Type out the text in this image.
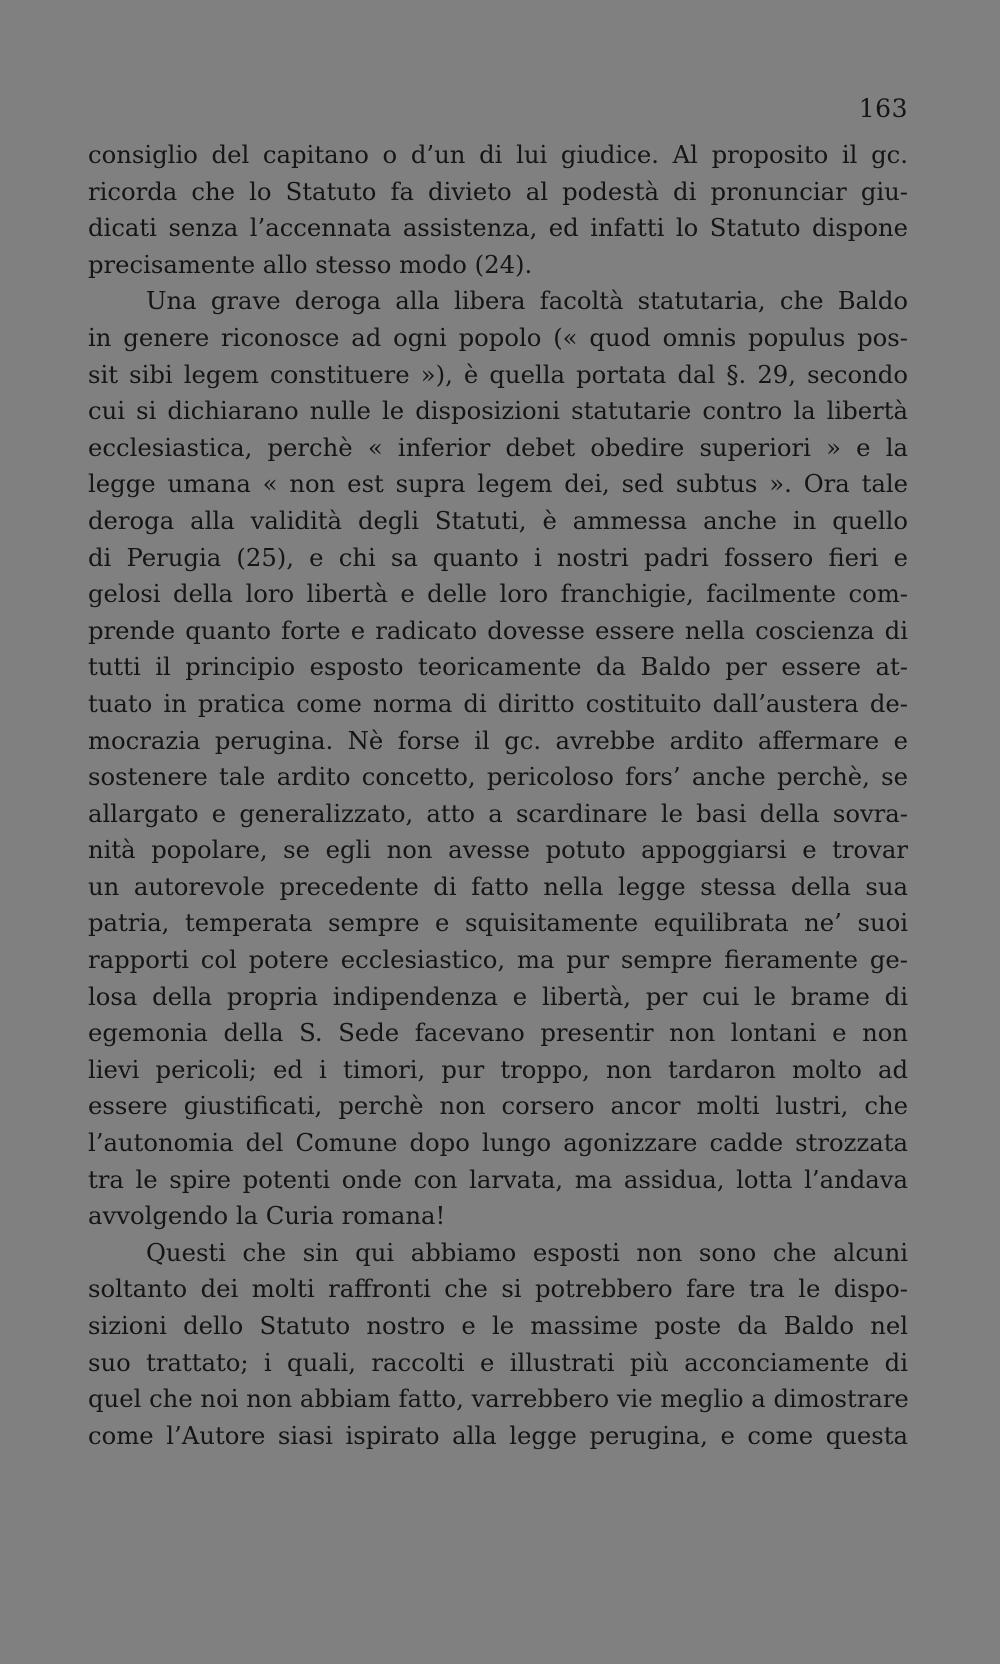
163
consiglio del capitano o d’un di lui giudice. Al proposito il gc.
ricorda che lo Statuto fa divieto al podestà di pronunciar giu-
dicati senza l’accennata assistenza, ed infatti lo Statuto dispone
precisamente allo stesso modo (24).
Una grave deroga alla libera facoltà statutaria, che Baldo
in genere riconosce ad ogni popolo (« quod omnis populus pos-
sit sibi legem constituere »), è quella portata dal §. 29, secondo
cui si dichiarano nulle le disposizioni statutarie contro la libertà
ecclesiastica, perchè « inferior debet obedire superiori » e la
legge umana « non est supra legem dei, sed subtus ». Ora tale
deroga alla validità degli Statuti, è ammessa anche in quello
di Perugia (25), e chi sa quanto i nostri padri fossero fieri e
gelosi della loro libertà e delle loro franchigie, facilmente com-
prende quanto forte e radicato dovesse essere nella coscienza di
tutti il principio esposto teoricamente da Baldo per essere at-
tuato in pratica come norma di diritto costituito dall’austera de-
mocrazia perugina. Nè forse il gc. avrebbe ardito affermare e
sostenere tale ardito concetto, pericoloso fors’ anche perchè, se
allargato e generalizzato, atto a scardinare le basi della sovra-
nità popolare, se egli non avesse potuto appoggiarsi e trovar
un autorevole precedente di fatto nella legge stessa della sua
patria, temperata sempre e squisitamente equilibrata ne’ suoi
rapporti col potere ecclesiastico, ma pur sempre fieramente ge-
losa della propria indipendenza e libertà, per cui le brame di
egemonia della S. Sede facevano presentir non lontani e non
lievi pericoli; ed i timori, pur troppo, non tardaron molto ad
essere giustificati, perchè non corsero ancor molti lustri, che
l’autonomia del Comune dopo lungo agonizzare cadde strozzata
tra le spire potenti onde con larvata, ma assidua, lotta l’andava
avvolgendo la Curia romana!
Questi che sin qui abbiamo esposti non sono che alcuni
soltanto dei molti raffronti che si potrebbero fare tra le dispo-
sizioni dello Statuto nostro e le massime poste da Baldo nel
suo trattato; i quali, raccolti e illustrati più acconciamente di
quel che noi non abbiam fatto, varrebbero vie meglio a dimostrare
come l’Autore siasi ispirato alla legge perugina, e come questa
